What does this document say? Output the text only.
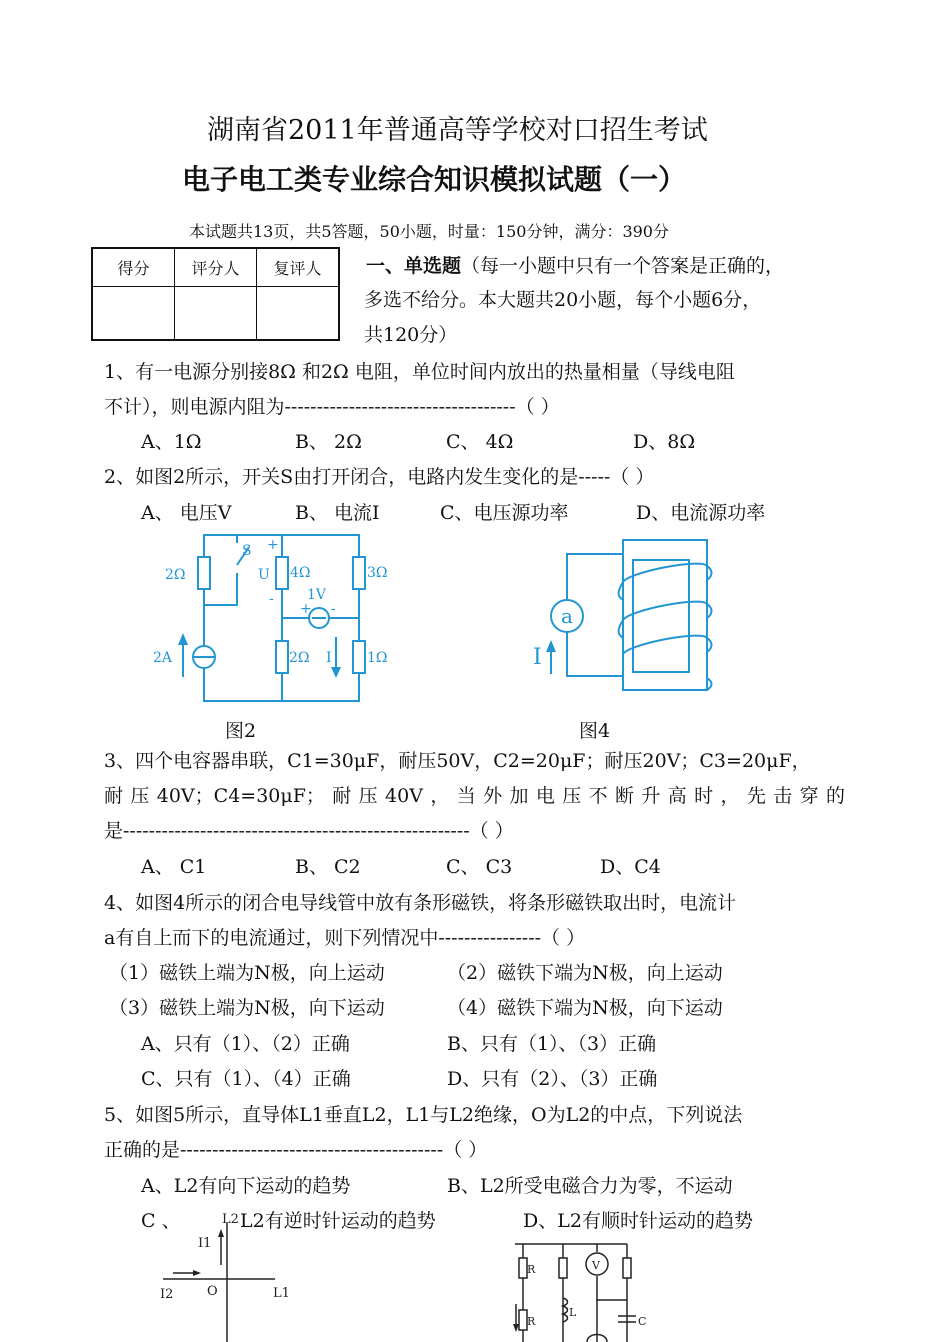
湖南省2011年普通高等学校对口招生考试
电子电工类专业综合知识模拟试题（一）
本试题共13页，共5答题，50小题，时量：150分钟，满分：390分
得分	评分人	复评人
		一、单选题（每一小题中只有一个答案是正确的，
多选不给分。本大题共20小题，每个小题6分，
共120分）
1、有一电源分别接8Ω 和2Ω 电阻，单位时间内放出的热量相量（导线电阻
不计），则电源内阻为------------------------------------（ ）
A、1Ω	B、 2Ω	C、 4Ω	D、8Ω
2、如图2所示，开关S由打开闭合，电路内发生变化的是-----（ ）
A、 电压V	B、 电流I	C、电压源功率	D、电流源功率
S
2Ω	U 4Ω	3Ω
+
- 1V
+ -
2A	2Ω I	1Ω
a
I
图2	图4
3、四个电容器串联，C1=30μF，耐压50V，C2=20μF；耐压20V；C3=20μF，
耐压40V；C4=30μF；耐压40V，当外加电压不断升高时，先击穿的
是------------------------------------------------------（ ）
A、 C1	B、 C2	C、 C3	D、C4
4、如图4所示的闭合电导线管中放有条形磁铁，将条形磁铁取出时，电流计
a有自上而下的电流通过，则下列情况中----------------（ ）
（1）磁铁上端为N极，向上运动	（2）磁铁下端为N极，向上运动
（3）磁铁上端为N极，向下运动	（4）磁铁下端为N极，向下运动
A、只有（1）、（2）正确	B、只有（1）、（3）正确
C、只有（1）、（4）正确	D、只有（2）、（3）正确
5、如图5所示，直导体L1垂直L2，L1与L2绝缘，O为L2的中点，下列说法
正确的是-----------------------------------------（ ）
A、L2有向下运动的趋势	B、L2所受电磁合力为零，不运动
C 、	L2有逆时针运动的趋势	D、L2有顺时针运动的趋势
L2
I1
O	L1
I2
R	V
R
L
C
